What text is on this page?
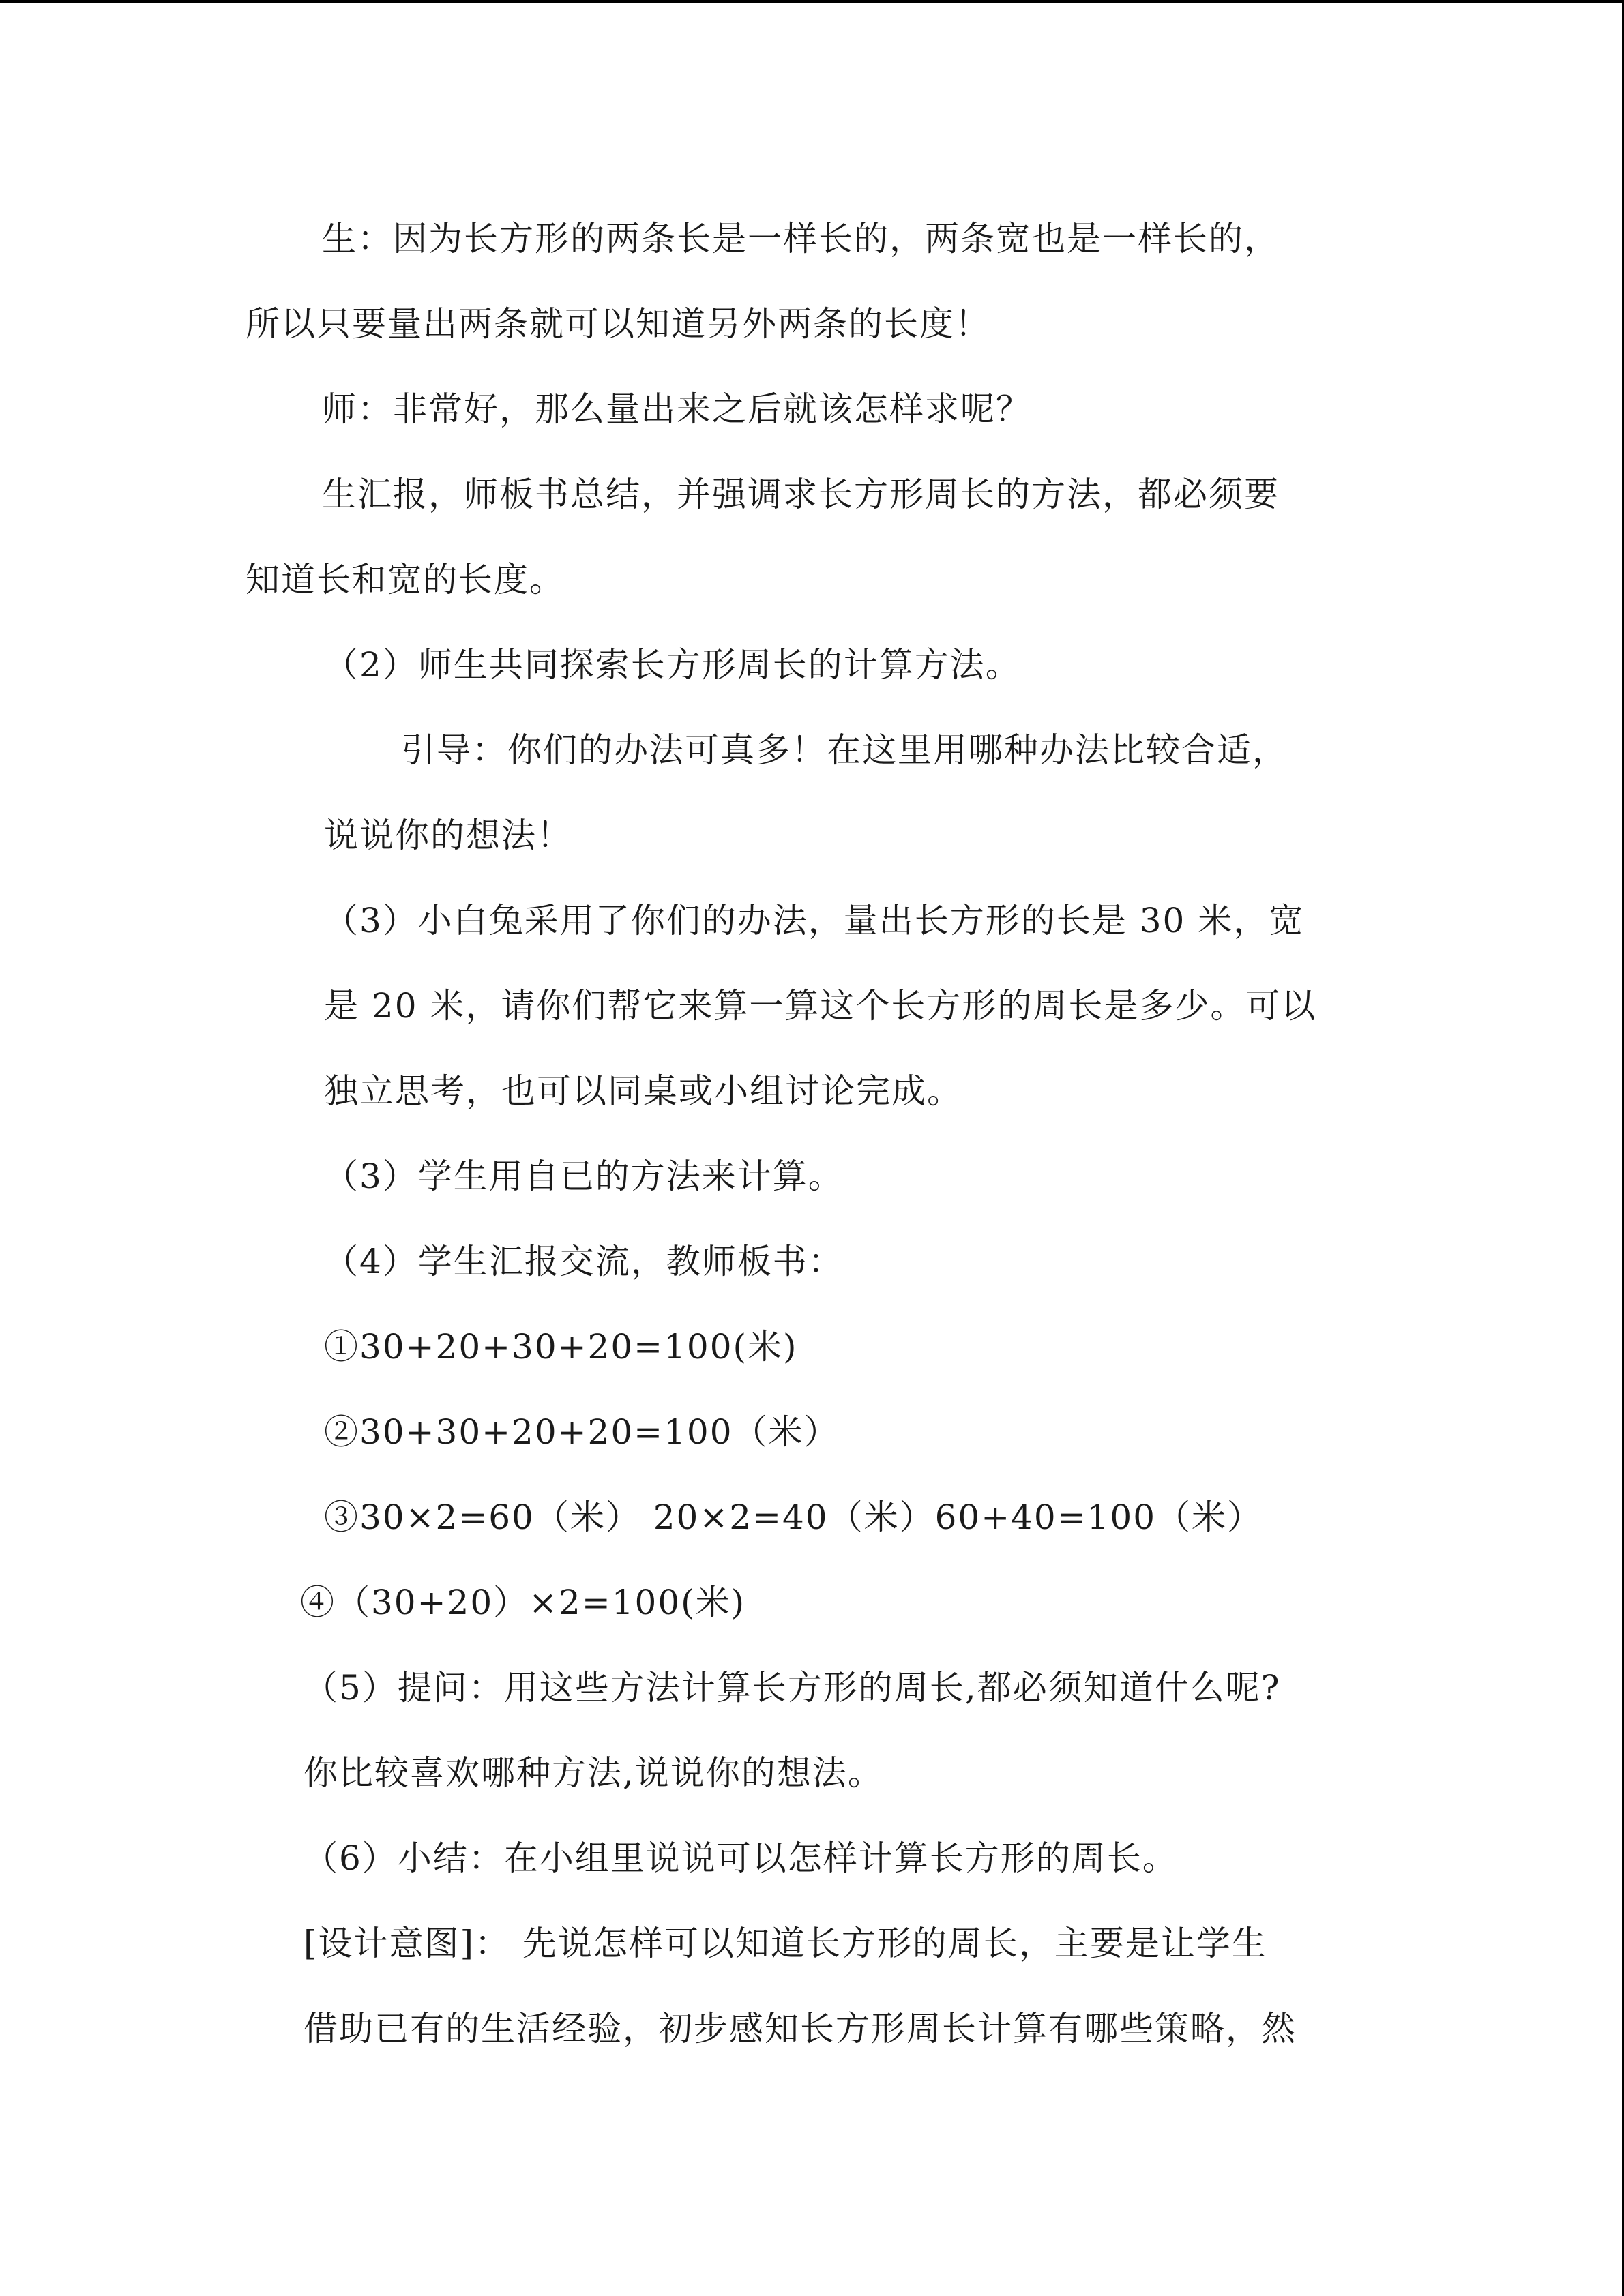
生：因为长方形的两条长是一样长的，两条宽也是一样长的，

所以只要量出两条就可以知道另外两条的长度！

师：非常好，那么量出来之后就该怎样求呢？

生汇报，师板书总结，并强调求长方形周长的方法，都必须要

知道长和宽的长度。

（2）师生共同探索长方形周长的计算方法。

引导：你们的办法可真多！在这里用哪种办法比较合适，

说说你的想法！

（3）小白兔采用了你们的办法，量出长方形的长是 30 米，宽

是 20 米，请你们帮它来算一算这个长方形的周长是多少。可以

独立思考，也可以同桌或小组讨论完成。

（3）学生用自已的方法来计算。

（4）学生汇报交流，教师板书：

①30+20+30+20=100(米)

②30+30+20+20=100（米）

③30×2=60（米） 20×2=40（米）60+40=100（米）

④（30+20）×2=100(米)

（5）提问：用这些方法计算长方形的周长,都必须知道什么呢?

你比较喜欢哪种方法,说说你的想法。

（6）小结：在小组里说说可以怎样计算长方形的周长。

[设计意图]： 先说怎样可以知道长方形的周长，主要是让学生

借助已有的生活经验，初步感知长方形周长计算有哪些策略，然
